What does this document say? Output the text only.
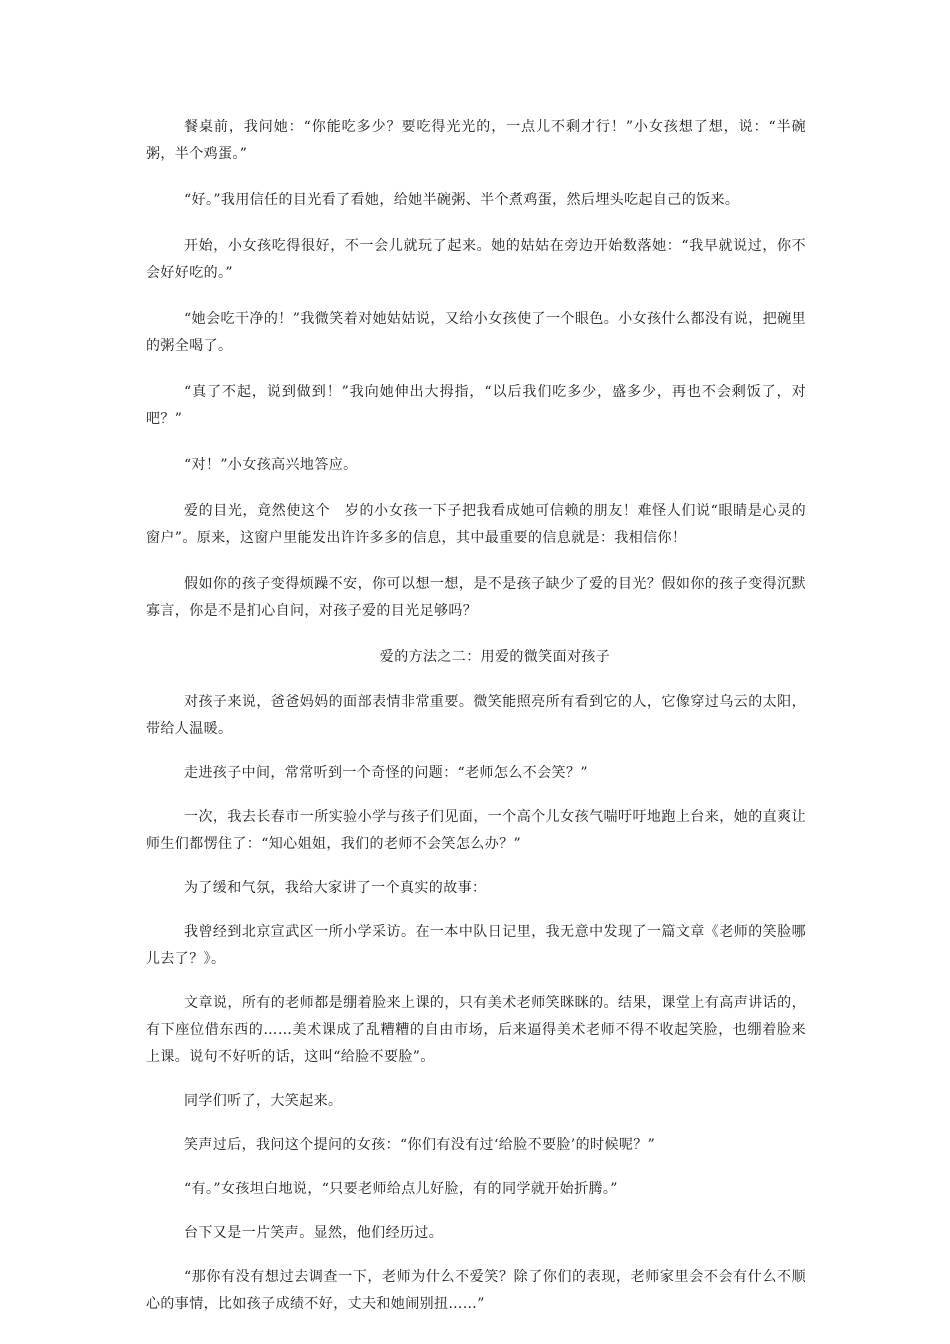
餐桌前，我问她：“你能吃多少？要吃得光光的，一点儿不剩才行！”小女孩想了想，说：“半碗粥，半个鸡蛋。”

“好。”我用信任的目光看了看她，给她半碗粥、半个煮鸡蛋，然后埋头吃起自己的饭来。

开始，小女孩吃得很好，不一会儿就玩了起来。她的姑姑在旁边开始数落她：“我早就说过，你不会好好吃的。”

“她会吃干净的！”我微笑着对她姑姑说，又给小女孩使了一个眼色。小女孩什么都没有说，把碗里的粥全喝了。

“真了不起，说到做到！”我向她伸出大拇指，“以后我们吃多少，盛多少，再也不会剩饭了，对吧？”

“对！”小女孩高兴地答应。

爱的目光，竟然使这个　岁的小女孩一下子把我看成她可信赖的朋友！难怪人们说“眼睛是心灵的窗户”。原来，这窗户里能发出许许多多的信息，其中最重要的信息就是：我相信你！

假如你的孩子变得烦躁不安，你可以想一想，是不是孩子缺少了爱的目光？假如你的孩子变得沉默寡言，你是不是扪心自问，对孩子爱的目光足够吗？

爱的方法之二：用爱的微笑面对孩子

对孩子来说，爸爸妈妈的面部表情非常重要。微笑能照亮所有看到它的人，它像穿过乌云的太阳，带给人温暖。

走进孩子中间，常常听到一个奇怪的问题：“老师怎么不会笑？”

一次，我去长春市一所实验小学与孩子们见面，一个高个儿女孩气喘吁吁地跑上台来，她的直爽让师生们都愣住了：“知心姐姐，我们的老师不会笑怎么办？”

为了缓和气氛，我给大家讲了一个真实的故事：

我曾经到北京宣武区一所小学采访。在一本中队日记里，我无意中发现了一篇文章《老师的笑脸哪儿去了？》。

文章说，所有的老师都是绷着脸来上课的，只有美术老师笑眯眯的。结果，课堂上有高声讲话的，有下座位借东西的……美术课成了乱糟糟的自由市场，后来逼得美术老师不得不收起笑脸，也绷着脸来上课。说句不好听的话，这叫“给脸不要脸”。

同学们听了，大笑起来。

笑声过后，我问这个提问的女孩：“你们有没有过‘给脸不要脸’的时候呢？”

“有。”女孩坦白地说，“只要老师给点儿好脸，有的同学就开始折腾。”

台下又是一片笑声。显然，他们经历过。

“那你有没有想过去调查一下，老师为什么不爱笑？除了你们的表现，老师家里会不会有什么不顺心的事情，比如孩子成绩不好，丈夫和她闹别扭……”
